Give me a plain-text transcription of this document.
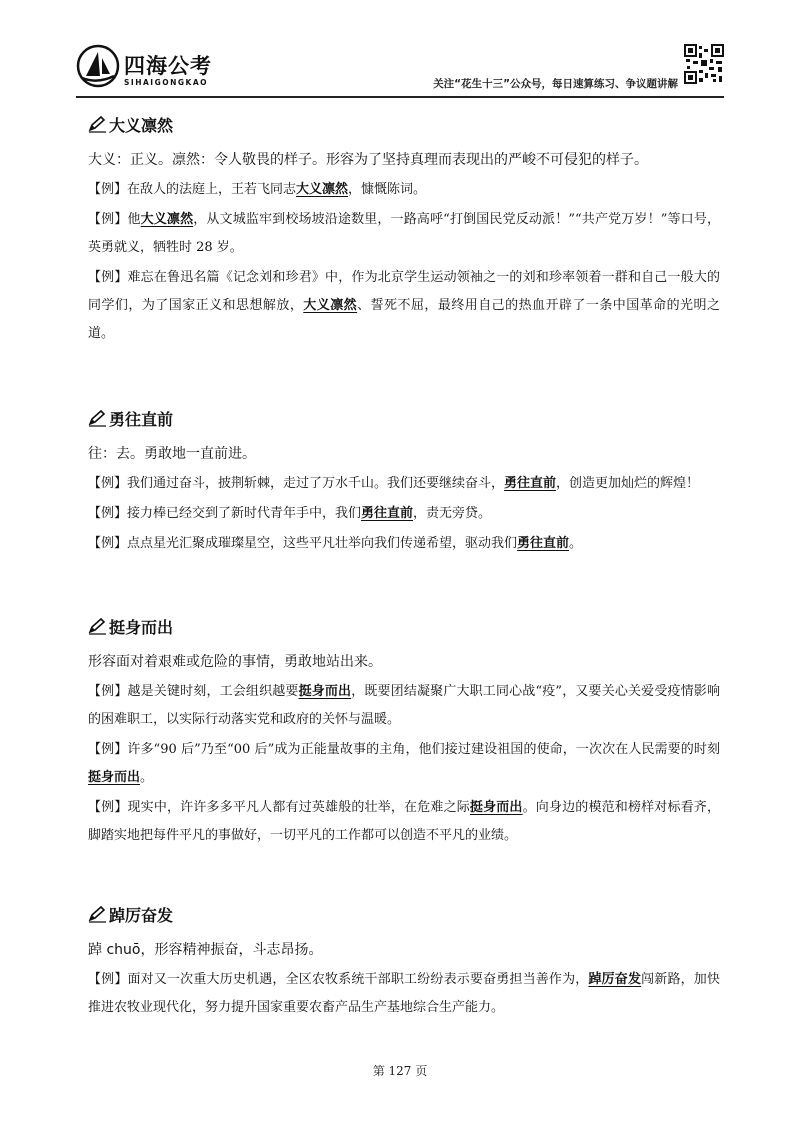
四海公考
SIHAIGONGKAO	关注“花生十三”公众号，每日速算练习、争议题讲解
大义凛然

大义：正义。凛然：令人敬畏的样子。形容为了坚持真理而表现出的严峻不可侵犯的样子。

【例】在敌人的法庭上，王若飞同志大义凛然，慷慨陈词。

【例】他大义凛然，从文城监牢到校场坡沿途数里，一路高呼“打倒国民党反动派！”“共产党万岁！”等口号，英勇就义，牺牲时 28 岁。

【例】难忘在鲁迅名篇《记念刘和珍君》中，作为北京学生运动领袖之一的刘和珍率领着一群和自己一般大的同学们，为了国家正义和思想解放，大义凛然、誓死不屈，最终用自己的热血开辟了一条中国革命的光明之道。

勇往直前

往：去。勇敢地一直前进。

【例】我们通过奋斗，披荆斩棘，走过了万水千山。我们还要继续奋斗，勇往直前，创造更加灿烂的辉煌！

【例】接力棒已经交到了新时代青年手中，我们勇往直前，责无旁贷。

【例】点点星光汇聚成璀璨星空，这些平凡壮举向我们传递希望，驱动我们勇往直前。

挺身而出

形容面对着艰难或危险的事情，勇敢地站出来。

【例】越是关键时刻，工会组织越要挺身而出，既要团结凝聚广大职工同心战“疫”，又要关心关爱受疫情影响的困难职工，以实际行动落实党和政府的关怀与温暖。

【例】许多“90 后”乃至“00 后”成为正能量故事的主角，他们接过建设祖国的使命，一次次在人民需要的时刻挺身而出。

【例】现实中，许许多多平凡人都有过英雄般的壮举，在危难之际挺身而出。向身边的模范和榜样对标看齐，脚踏实地把每件平凡的事做好，一切平凡的工作都可以创造不平凡的业绩。

踔厉奋发

踔 chuō，形容精神振奋，斗志昂扬。

【例】面对又一次重大历史机遇，全区农牧系统干部职工纷纷表示要奋勇担当善作为，踔厉奋发闯新路，加快推进农牧业现代化，努力提升国家重要农畜产品生产基地综合生产能力。

第 127 页
